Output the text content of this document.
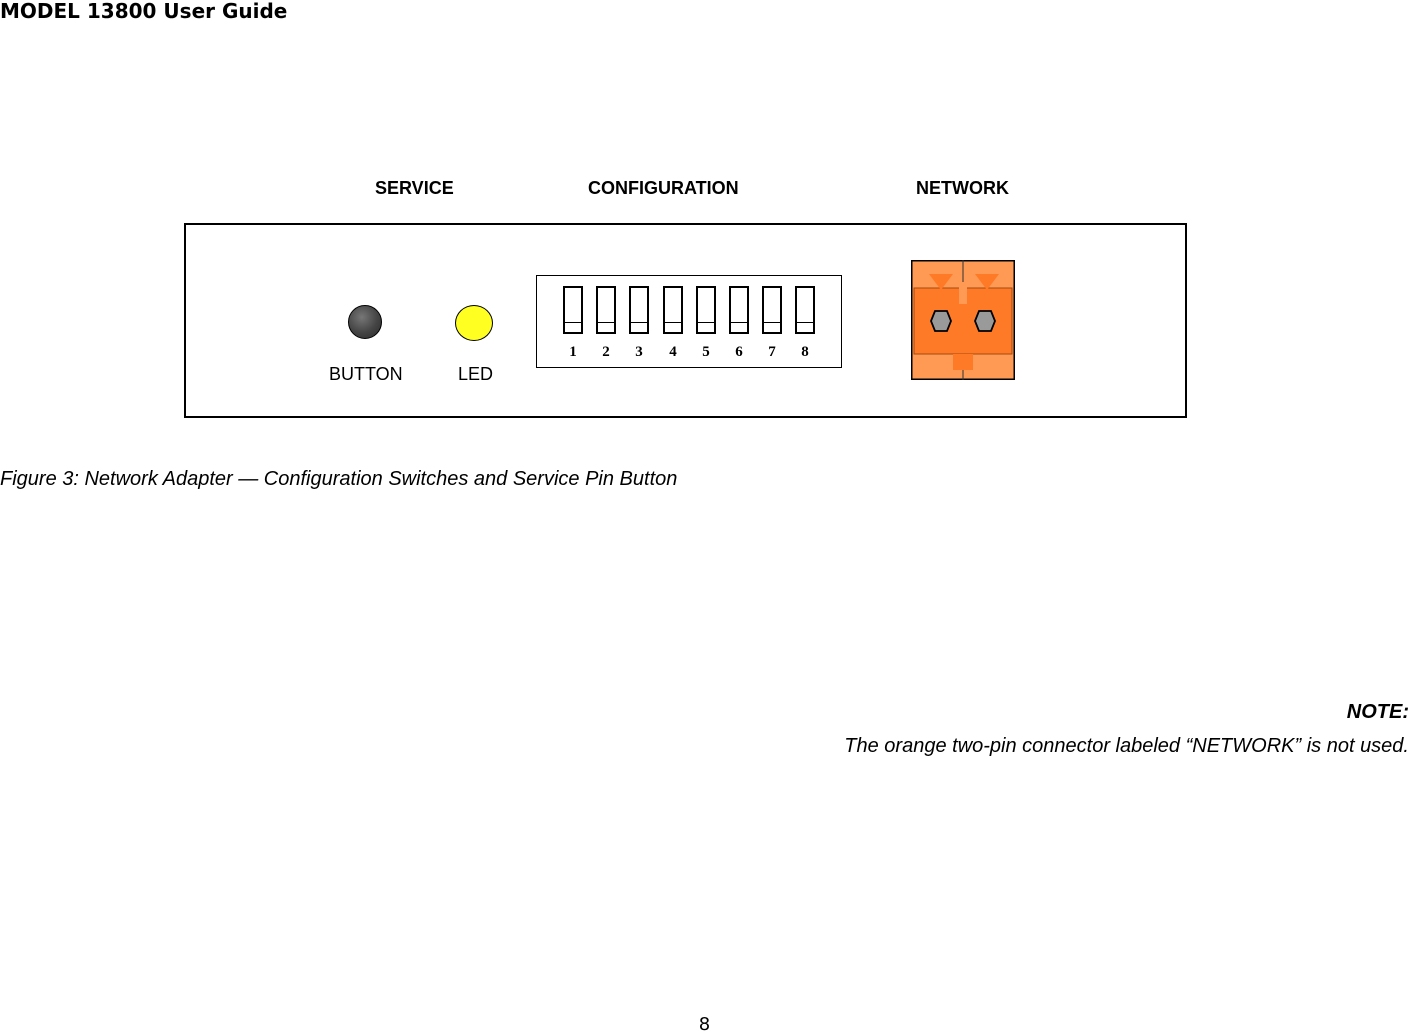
MODEL 13800 User Guide
SERVICE	CONFIGURATION	NETWORK
BUTTON	LED
1	2	3	4	5	6	7	8
Figure 3: Network Adapter — Configuration Switches and Service Pin Button
NOTE:
The orange two-pin connector labeled “NETWORK” is not used.
8
